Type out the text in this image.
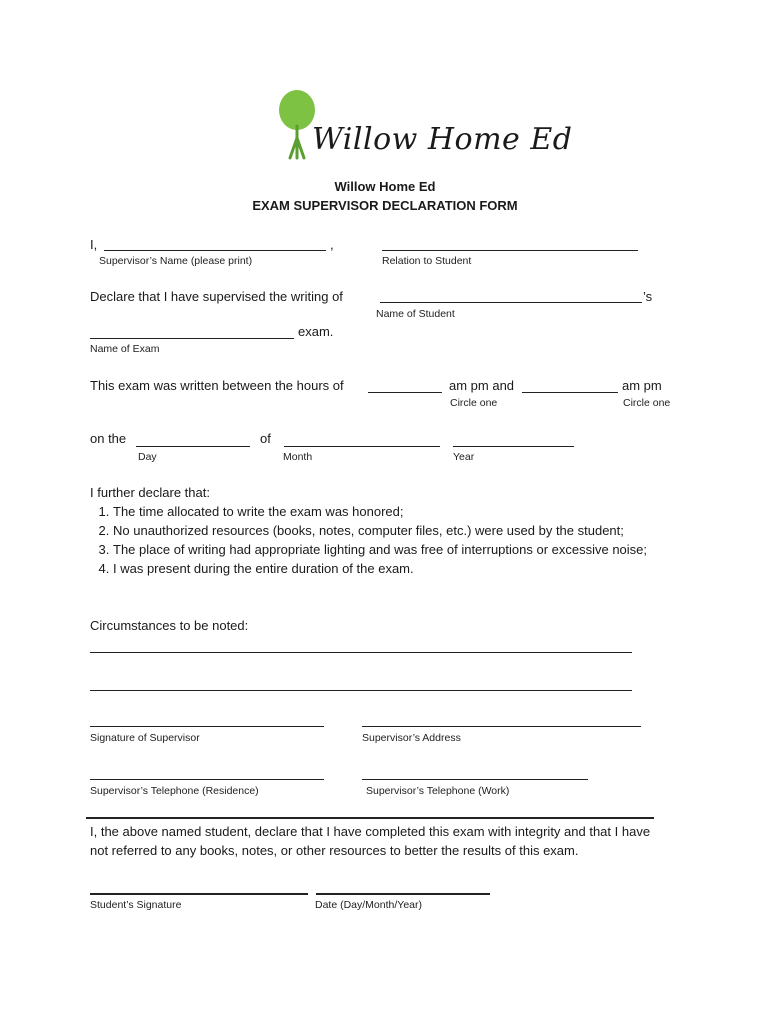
Willow Home Ed
Willow Home Ed
EXAM SUPERVISOR DECLARATION FORM
I,	,
Supervisor’s Name (please print)	Relation to Student
Declare that I have supervised the writing of	’s
Name of Student
exam.
Name of Exam
This exam was written between the hours of	am pm and	am pm
Circle one	Circle one
on the	of
Day	Month	Year
I further declare that:
1. The time allocated to write the exam was honored;
2. No unauthorized resources (books, notes, computer files, etc.) were used by the student;
3. The place of writing had appropriate lighting and was free of interruptions or excessive noise;
4. I was present during the entire duration of the exam.
Circumstances to be noted:
Signature of Supervisor	Supervisor’s Address
Supervisor’s Telephone (Residence)	Supervisor’s Telephone (Work)
I, the above named student, declare that I have completed this exam with integrity and that I have not referred to any books, notes, or other resources to better the results of this exam.
Student’s Signature	Date (Day/Month/Year)
